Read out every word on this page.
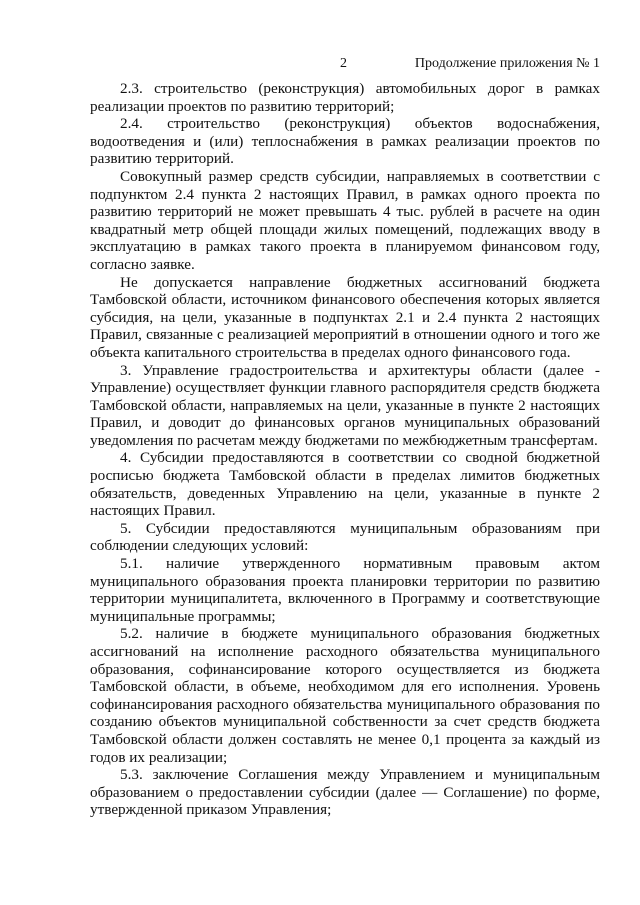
2	Продолжение приложения № 1

2.3. строительство (реконструкция) автомобильных дорог в рамках реализации проектов по развитию территорий;

2.4. строительство (реконструкция) объектов водоснабжения, водоотведения и (или) теплоснабжения в рамках реализации проектов по развитию территорий.

Совокупный размер средств субсидии, направляемых в соответствии с подпунктом 2.4 пункта 2 настоящих Правил, в рамках одного проекта по развитию территорий не может превышать 4 тыс. рублей в расчете на один квадратный метр общей площади жилых помещений, подлежащих вводу в эксплуатацию в рамках такого проекта в планируемом финансовом году, согласно заявке.

Не допускается направление бюджетных ассигнований бюджета Тамбовской области, источником финансового обеспечения которых является субсидия, на цели, указанные в подпунктах 2.1 и 2.4 пункта 2 настоящих Правил, связанные с реализацией мероприятий в отношении одного и того же объекта капитального строительства в пределах одного финансового года.

3. Управление градостроительства и архитектуры области (далее - Управление) осуществляет функции главного распорядителя средств бюджета Тамбовской области, направляемых на цели, указанные в пункте 2 настоящих Правил, и доводит до финансовых органов муниципальных образований уведомления по расчетам между бюджетами по межбюджетным трансфертам.

4. Субсидии предоставляются в соответствии со сводной бюджетной росписью бюджета Тамбовской области в пределах лимитов бюджетных обязательств, доведенных Управлению на цели, указанные в пункте 2 настоящих Правил.

5. Субсидии предоставляются муниципальным образованиям при соблюдении следующих условий:

5.1. наличие утвержденного нормативным правовым актом муниципального образования проекта планировки территории по развитию территории муниципалитета, включенного в Программу и соответствующие муниципальные программы;

5.2. наличие в бюджете муниципального образования бюджетных ассигнований на исполнение расходного обязательства муниципального образования, софинансирование которого осуществляется из бюджета Тамбовской области, в объеме, необходимом для его исполнения. Уровень софинансирования расходного обязательства муниципального образования по созданию объектов муниципальной собственности за счет средств бюджета Тамбовской области должен составлять не менее 0,1 процента за каждый из годов их реализации;

5.3. заключение Соглашения между Управлением и муниципальным образованием о предоставлении субсидии (далее — Соглашение) по форме, утвержденной приказом Управления;
